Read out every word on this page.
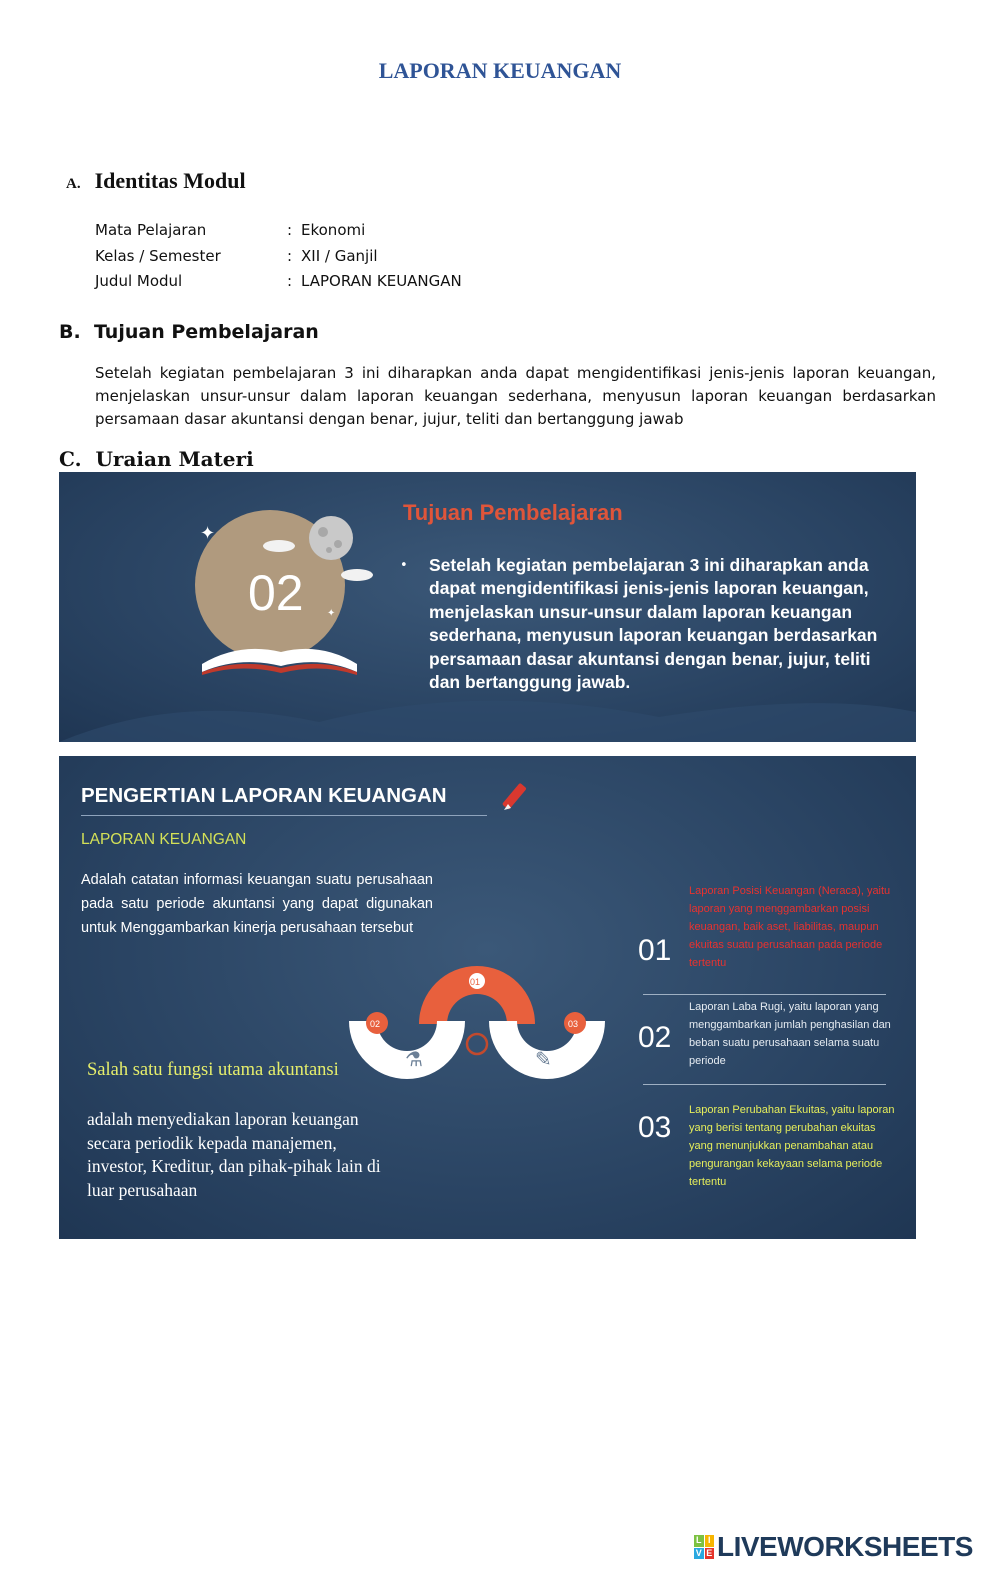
LAPORAN KEUANGAN
A. Identitas Modul
Mata Pelajaran	: Ekonomi
Kelas / Semester	: XII / Ganjil
Judul Modul	: LAPORAN KEUANGAN
B. Tujuan Pembelajaran
Setelah kegiatan pembelajaran 3 ini diharapkan anda dapat mengidentifikasi jenis-jenis laporan keuangan, menjelaskan unsur-unsur dalam laporan keuangan sederhana, menyusun laporan keuangan berdasarkan persamaan dasar akuntansi dengan benar, jujur, teliti dan bertanggung jawab
C. Uraian Materi
✦
✦
02
Tujuan Pembelajaran
• Setelah kegiatan pembelajaran 3 ini diharapkan anda dapat mengidentifikasi jenis-jenis laporan keuangan, menjelaskan unsur-unsur dalam laporan keuangan sederhana, menyusun laporan keuangan berdasarkan persamaan dasar akuntansi dengan benar, jujur, teliti dan bertanggung jawab.
PENGERTIAN LAPORAN KEUANGAN
LAPORAN KEUANGAN
Adalah catatan informasi keuangan suatu perusahaan pada satu periode akuntansi yang dapat digunakan untuk Menggambarkan kinerja perusahaan tersebut
⚗	✎
01
02	03
Salah satu fungsi utama akuntansi
adalah menyediakan laporan keuangan secara periodik kepada manajemen, investor, Kreditur, dan pihak-pihak lain di luar perusahaan
01
Laporan Posisi Keuangan (Neraca), yaitu laporan yang menggambarkan posisi keuangan, baik aset, liabilitas, maupun ekuitas suatu perusahaan pada periode tertentu
02
Laporan Laba Rugi, yaitu laporan yang menggambarkan jumlah penghasilan dan beban suatu perusahaan selama suatu periode
03
Laporan Perubahan Ekuitas, yaitu laporan yang berisi tentang perubahan ekuitas yang menunjukkan penambahan atau pengurangan kekayaan selama periode tertentu
L I
V E LIVEWORKSHEETS
